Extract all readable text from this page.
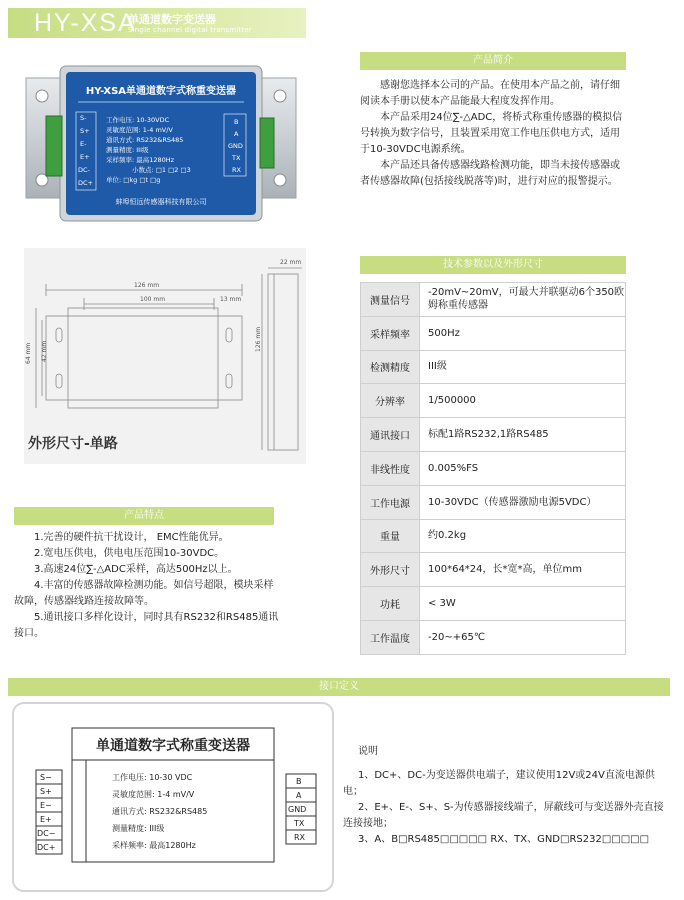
HY-XSA
单通道数字变送器
Single channel digital transmitter
HY-XSA单通道数字式称重变送器
S-
S+
E-
E+
DC-
DC+
B
A
GND
TX
RX
工作电压: 10-30VDC
灵敏度范围: 1-4 mV/V
通讯方式: RS232&RS485
测量精度: III级
采样频率: 最高1280Hz
小数点: □1 □2 □3
单位: □kg □t □g
蚌埠恒远传感器科技有限公司
产品简介

感谢您选择本公司的产品。在使用本产品之前，请仔细阅读本手册以使本产品能最大程度发挥作用。

本产品采用24位∑-△ADC，将桥式称重传感器的模拟信号转换为数字信号，且装置采用宽工作电压供电方式，适用于10-30VDC电源系统。

本产品还具备传感器线路检测功能，即当未接传感器或者传感器故障(包括接线脱落等)时，进行对应的报警提示。

126 mm
100 mm	13 mm
22 mm
64 mm 42 mm	126 mm
外形尺寸-单路
技术参数以及外形尺寸
测量信号	-20mV~20mV，可最大并联驱动6个350欧姆称重传感器
采样频率	500Hz
检测精度	III级
分辨率	1/500000
通讯接口	标配1路RS232,1路RS485
非线性度	0.005%FS
工作电源	10-30VDC（传感器激励电源5VDC）
重量	约0.2kg
外形尺寸	100*64*24，长*宽*高，单位mm
功耗	< 3W
工作温度	-20~+65℃
产品特点

1.完善的硬件抗干扰设计， EMC性能优异。

2.宽电压供电，供电电压范围10-30VDC。

3.高速24位∑-△ADC采样，高达500Hz以上。

4.丰富的传感器故障检测功能。如信号超限，模块采样故障，传感器线路连接故障等。

5.通讯接口多样化设计，同时具有RS232和RS485通讯接口。

接口定义
单通道数字式称重变送器
S−
S+
E−
E+
DC−
DC+
B
A
GND
TX
RX
工作电压: 10-30 VDC
灵敏度范围: 1-4 mV/V
通讯方式: RS232&RS485
测量精度: III级
采样频率: 最高1280Hz
说明

1、DC+、DC-为变送器供电端子，建议使用12V或24V直流电源供电；

2、E+、E-、S+、S-为传感器接线端子，屏蔽线可与变送器外壳直接连接接地；

3、A、B□RS485□□□□□ RX、TX、GND□RS232□□□□□
